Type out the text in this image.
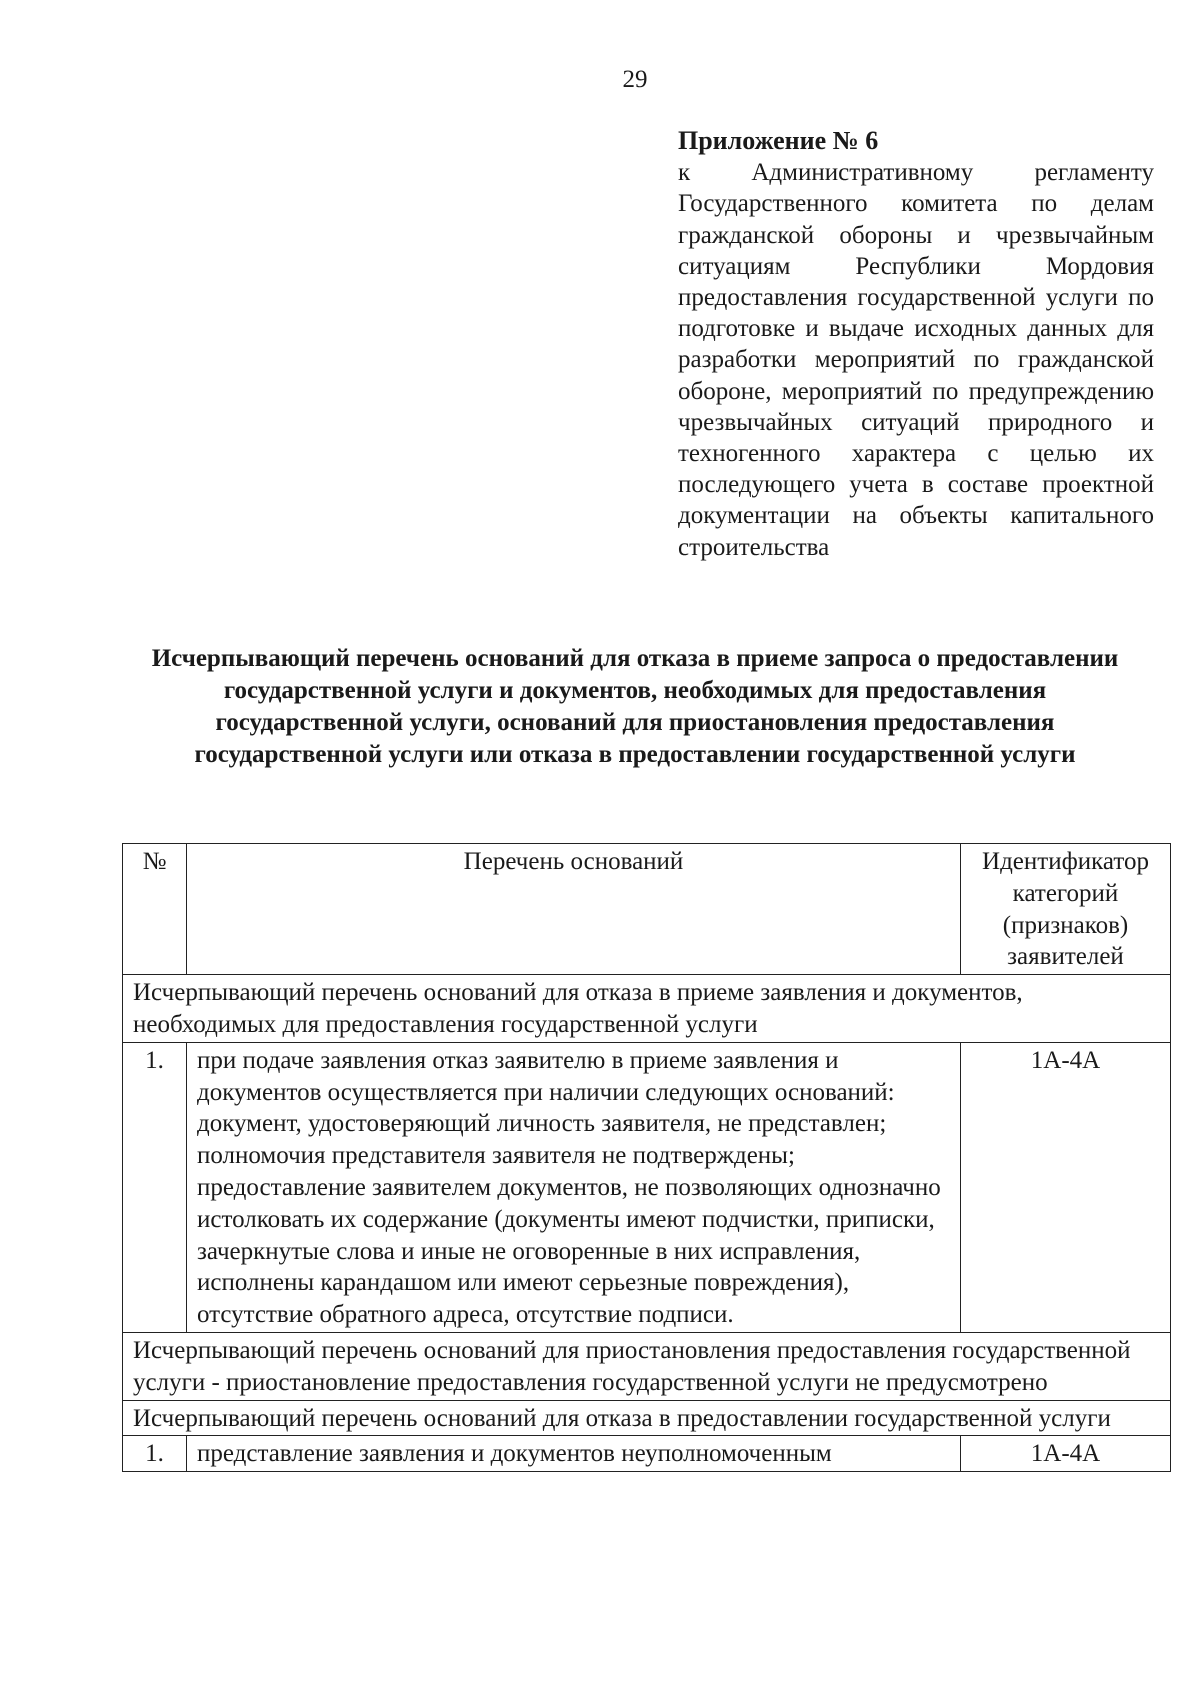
29
Приложение № 6
к Административному регламенту Государственного комитета по делам гражданской обороны и чрезвычайным ситуациям Республики Мордовия предоставления государственной услуги по подготовке и выдаче исходных данных для разработки мероприятий по гражданской обороне, мероприятий по предупреждению чрезвычайных ситуаций природного и техногенного характера с целью их последующего учета в составе проектной документации на объекты капитального строительства
Исчерпывающий перечень оснований для отказа в приеме запроса о предоставлении государственной услуги и документов, необходимых для предоставления государственной услуги, оснований для приостановления предоставления государственной услуги или отказа в предоставлении государственной услуги
№	Перечень оснований	Идентификатор категорий (признаков) заявителей
Исчерпывающий перечень оснований для отказа в приеме заявления и документов, необходимых для предоставления государственной услуги		
1.	при подаче заявления отказ заявителю в приеме заявления и документов осуществляется при наличии следующих оснований: документ, удостоверяющий личность заявителя, не представлен; полномочия представителя заявителя не подтверждены; предоставление заявителем документов, не позволяющих однозначно истолковать их содержание (документы имеют подчистки, приписки, зачеркнутые слова и иные не оговоренные в них исправления, исполнены карандашом или имеют серьезные повреждения), отсутствие обратного адреса, отсутствие подписи.	1А-4А
Исчерпывающий перечень оснований для приостановления предоставления государственной услуги - приостановление предоставления государственной услуги не предусмотрено		
Исчерпывающий перечень оснований для отказа в предоставлении государственной услуги		
1.	представление заявления и документов неуполномоченным	1А-4А
